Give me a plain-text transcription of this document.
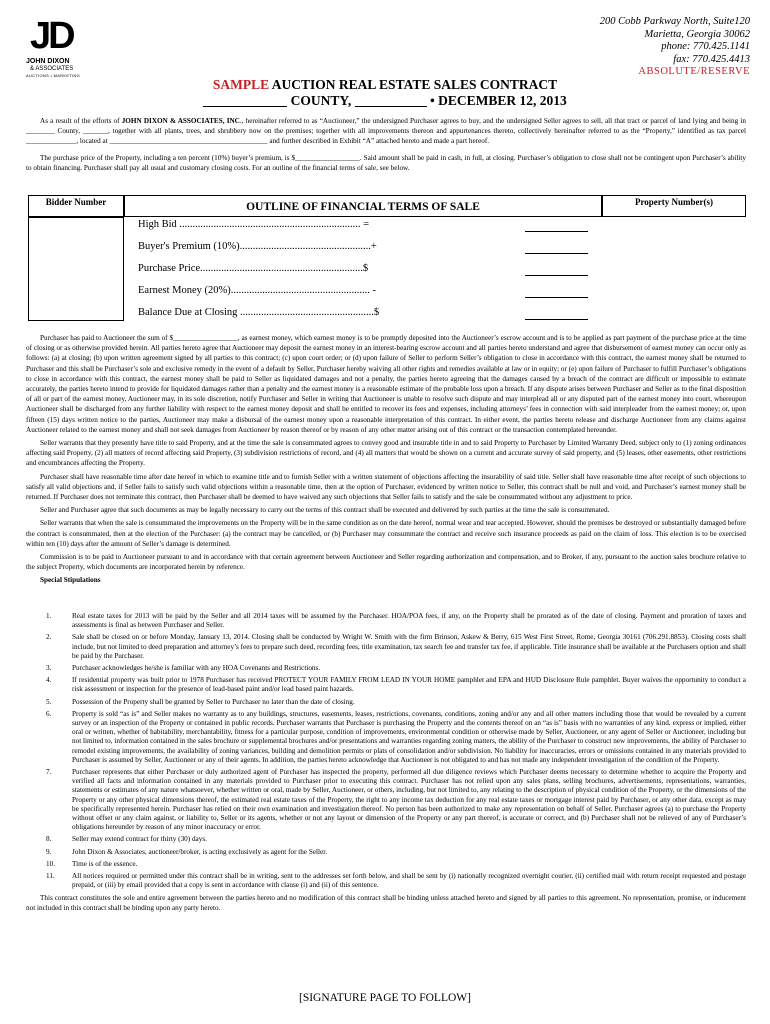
JD
JOHN DIXON
& ASSOCIATES
AUCTIONS • MARKETING
200 Cobb Parkway North, Suite120
Marietta, Georgia 30062
phone: 770.425.1141
fax: 770.425.4413
ABSOLUTE/RESERVE
SAMPLE AUCTION REAL ESTATE SALES CONTRACT
COUNTY,	• DECEMBER 12, 2013

As a result of the efforts of JOHN DIXON & ASSOCIATES, INC., hereinafter referred to as “Auctioneer,” the undersigned Purchaser agrees to buy, and the undersigned Seller agrees to sell, all that tract or parcel of land lying and being in ________ County, _______, together with all plants, trees, and shrubbery now on the premises; together with all improvements thereon and appurtenances thereto, collectively hereinafter referred to as the “Property,” identified as tax parcel ______________, located at ____________________________________________ and further described in Exhibit “A” attached hereto and made a part hereof.

The purchase price of the Property, including a ten percent (10%) buyer’s premium, is $__________________. Said amount shall be paid in cash, in full, at closing. Purchaser’s obligation to close shall not be contingent upon Purchaser’s ability to obtain financing. Purchaser shall pay all usual and customary closing costs. For an outline of the financial terms of sale, see below.

Bidder Number	OUTLINE OF FINANCIAL TERMS OF SALE	Property Number(s)
High Bid ..................................................................... =
Buyer's Premium (10%)..................................................+
Purchase Price..............................................................$
Earnest Money (20%)..................................................... -
Balance Due at Closing ...................................................$

Purchaser has paid to Auctioneer the sum of $__________________, as earnest money, which earnest money is to be promptly deposited into the Auctioneer’s escrow account and is to be applied as part payment of the purchase price at the time of closing or as otherwise provided herein. All parties hereto agree that Auctioneer may deposit the earnest money in an interest-bearing escrow account and all parties hereto understand and agree that disbursement of earnest money can occur only as follows: (a) at closing; (b) upon written agreement signed by all parties to this contract; (c) upon court order; or (d) upon failure of Seller to perform Seller’s obligation to close in accordance with this contract, the earnest money shall be returned to Purchaser and this shall be Purchaser’s sole and exclusive remedy in the event of a default by Seller, Purchaser hereby waiving all other rights and remedies available at law or in equity; or (e) upon failure of Purchaser to fulfill Purchaser’s obligations to close in accordance with this contract, the earnest money shall be paid to Seller as liquidated damages and not a penalty, the parties hereto agreeing that the damages caused by a breach of the contract are difficult or impossible to estimate accurately, the parties hereto intend to provide for liquidated damages rather than a penalty and the earnest money is a reasonable estimate of the probable loss upon a breach. If any dispute arises between Purchaser and Seller as to the final disposition of all or part of the earnest money, Auctioneer may, in its sole discretion, notify Purchaser and Seller in writing that Auctioneer is unable to resolve such dispute and may interplead all or any disputed part of the earnest money into court, whereupon Auctioneer shall be discharged from any further liability with respect to the earnest money deposit and shall be entitled to recover its fees and expenses, including attorneys’ fees in connection with said interpleader from the earnest money; or, upon fifteen (15) days written notice to the parties, Auctioneer may make a disbursal of the earnest money upon a reasonable interpretation of this contract. In either event, the parties hereto release and discharge Auctioneer from any claims against Auctioneer related to the earnest money and shall not seek damages from Auctioneer by reason thereof or by reason of any other matter arising out of this contract or the transaction contemplated hereunder.

Seller warrants that they presently have title to said Property, and at the time the sale is consummated agrees to convey good and insurable title in and to said Property to Purchaser by Limited Warranty Deed, subject only to (1) zoning ordinances affecting said Property, (2) all matters of record affecting said Property, (3) subdivision restrictions of record, and (4) all matters that would be shown on a current and accurate survey of said property, and (5) leases, other easements, other restrictions and encumbrances affecting the Property.

Purchaser shall have reasonable time after date hereof in which to examine title and to furnish Seller with a written statement of objections affecting the insurability of said title. Seller shall have reasonable time after receipt of such objections to satisfy all valid objections and, if Seller fails to satisfy such valid objections within a reasonable time, then at the option of Purchaser, evidenced by written notice to Seller, this contract shall be null and void, and Purchaser’s earnest money shall be returned. If Purchaser does not terminate this contract, then Purchaser shall be deemed to have waived any such objections that Seller fails to satisfy and the sale be consummated without any adjustment to price.

Seller and Purchaser agree that such documents as may be legally necessary to carry out the terms of this contract shall be executed and delivered by such parties at the time the sale is consummated.

Seller warrants that when the sale is consummated the improvements on the Property will be in the same condition as on the date hereof, normal wear and tear accepted. However, should the premises be destroyed or substantially damaged before the contract is consummated, then at the election of the Purchaser: (a) the contract may be cancelled, or (b) Purchaser may consummate the contract and receive such insurance proceeds as paid on the claim of loss. This election is to be exercised within ten (10) days after the amount of Seller’s damage is determined.

Commission is to be paid to Auctioneer pursuant to and in accordance with that certain agreement between Auctioneer and Seller regarding authorization and compensation, and to Broker, if any, pursuant to the auction sales brochure relative to the subject Property, which documents are incorporated herein by reference.

Special Stipulations

1.	Real estate taxes for 2013 will be paid by the Seller and all 2014 taxes will be assumed by the Purchaser. HOA/POA fees, if any, on the Property shall be prorated as of the date of closing. Payment and proration of taxes and assessments is final as between Purchaser and Seller.
2.	Sale shall be closed on or before Monday, January 13, 2014. Closing shall be conducted by Wright W. Smith with the firm Brinson, Askew & Berry, 615 West First Street, Rome, Georgia 30161 (706.291.8853). Closing costs shall include, but not limited to deed preparation and attorney’s fees to prepare such deed, recording fees, title examination, tax search fee and transfer tax fee, if applicable. Title insurance shall be available at the Purchasers option and shall be paid by the Purchaser.
3.	Purchaser acknowledges he/she is familiar with any HOA Covenants and Restrictions.
4.	If residential property was built prior to 1978 Purchaser has received PROTECT YOUR FAMILY FROM LEAD IN YOUR HOME pamphlet and EPA and HUD Disclosure Rule pamphlet. Buyer waives the opportunity to conduct a risk assessment or inspection for the presence of lead-based paint and/or lead based paint hazards.
5.	Possession of the Property shall be granted by Seller to Purchaser no later than the date of closing.
6.	Property is sold “as is” and Seller makes no warranty as to any buildings, structures, easements, leases, restrictions, covenants, conditions, zoning and/or any and all other matters including those that would be revealed by a current survey or an inspection of the Property or contained in public records. Purchaser warrants that Purchaser is purchasing the Property and the contents thereof on an “as is” basis with no warranties of any kind, express or implied, either oral or written, whether of habitability, merchantability, fitness for a particular purpose, condition of improvements, environmental condition or otherwise made by Seller, Auctioneer, or any agent of Seller or Auctioneer, including but not limited to, information contained in the sales brochure or supplemental brochures and/or presentations and warranties regarding zoning matters, the ability of the Purchaser to construct new improvements, the ability of Purchaser to remodel existing improvements, the availability of zoning variances, building and demolition permits or plats of consolidation and/or subdivision. No liability for inaccuracies, errors or omissions contained in any materials provided to Purchaser is assumed by Seller, Auctioneer or any of their agents. In addition, the parties hereto acknowledge that Auctioneer is not obligated to and has not made any independent investigation of the condition of the Property.
7.	Purchaser represents that either Purchaser or duly authorized agent of Purchaser has inspected the property, performed all due diligence reviews which Purchaser deems necessary to determine whether to acquire the Property and verified all facts and information contained in any materials provided to Purchaser prior to executing this contract. Purchaser has not relied upon any sales plans, selling brochures, advertisements, representations, warranties, statements or estimates of any nature whatsoever, whether written or oral, made by Seller, Auctioneer, or others, including, but not limited to, any relating to the description of physical condition of the Property, or the dimensions of the Property or any other physical dimensions thereof, the estimated real estate taxes of the Property, the right to any income tax deduction for any real estate taxes or mortgage interest paid by Purchaser, or any other data, except as may be specifically represented herein. Purchaser has relied on their own examination and investigation thereof. No person has been authorized to make any representation on behalf of Seller. Purchaser agrees (a) to purchase the Property without offset or any claim against, or liability to, Seller or its agents, whether or not any layout or dimension of the Property or any part thereof, is accurate or correct, and (b) Purchaser shall not be relieved of any of Purchaser’s obligations hereunder by reason of any minor inaccuracy or error.
8.	Seller may extend contract for thirty (30) days.
9.	John Dixon & Associates, auctioneer/broker, is acting exclusively as agent for the Seller.
10. Time is of the essence.
11. All notices required or permitted under this contract shall be in writing, sent to the addresses set forth below, and shall be sent by (i) nationally recognized overnight courier, (ii) certified mail with return receipt requested and postage prepaid, or (iii) by email provided that a copy is sent in accordance with clause (i) and (ii) of this sentence.

This contract constitutes the sole and entire agreement between the parties hereto and no modification of this contract shall be binding unless attached hereto and signed by all parties to this agreement. No representation, promise, or inducement not included in this contract shall be binding upon any party hereto.

[SIGNATURE PAGE TO FOLLOW]
